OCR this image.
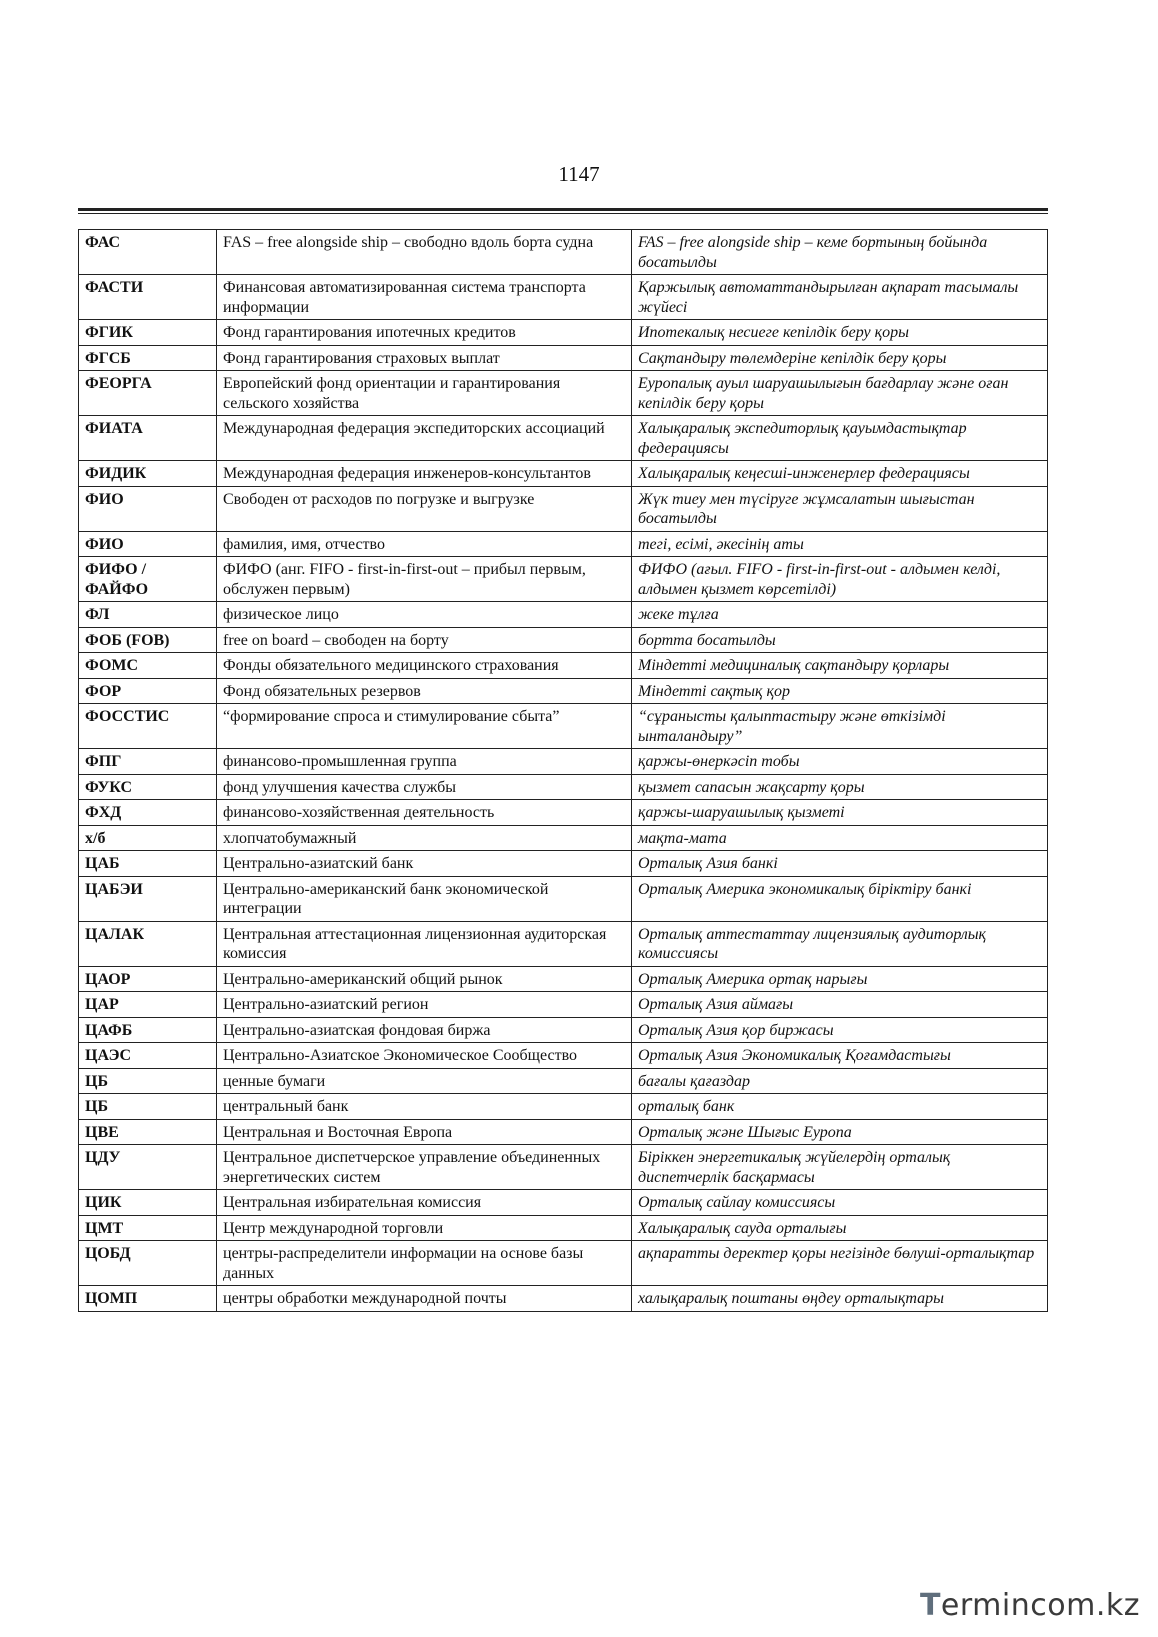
1147
ФАС	FAS – free alongside ship – свободно вдоль борта судна	FAS – free alongside ship – кеме бортының бойында босатылды
ФАСТИ	Финансовая автоматизированная система транспорта информации	Қаржылық автоматтандырылған ақпарат тасымалы жүйесі
ФГИК	Фонд гарантирования ипотечных кредитов	Ипотекалық несиеге кепілдік беру қоры
ФГСБ	Фонд гарантирования страховых выплат	Сақтандыру төлемдеріне кепілдік беру қоры
ФЕОРГА	Европейский фонд ориентации и гарантирования сельского хозяйства	Еуропалық ауыл шаруашылығын бағдарлау және оған кепілдік беру қоры
ФИАТА	Международная федерация экспедиторских ассоциаций	Халықаралық экспедиторлық қауымдастықтар федерациясы
ФИДИК	Международная федерация инженеров-консультантов	Халықаралық кеңесші-инженерлер федерациясы
ФИО	Свободен от расходов по погрузке и выгрузке	Жүк тиеу мен түсіруге жұмсалатын шығыстан босатылды
ФИО	фамилия, имя, отчество	тегі, есімі, әкесінің аты
ФИФО / ФАЙФО	ФИФО (анг. FIFO - first-in-first-out – прибыл первым, обслужен первым)	ФИФО (ағыл. FIFO - first-in-first-out - алдымен келді, алдымен қызмет көрсетілді)
ФЛ	физическое лицо	жеке тұлға
ФОБ (FOB)	free on board – свободен на борту	бортта босатылды
ФОМС	Фонды обязательного медицинского страхования	Міндетті медициналық сақтандыру қорлары
ФОР	Фонд обязательных резервов	Міндетті сақтық қор
ФОССТИС	“формирование спроса и стимулирование сбыта”	“сұранысты қалыптастыру және өткізімді ынталандыру”
ФПГ	финансово-промышленная группа	қаржы-өнеркәсіп тобы
ФУКС	фонд улучшения качества службы	қызмет сапасын жақсарту қоры
ФХД	финансово-хозяйственная деятельность	қаржы-шаруашылық қызметі
х/б	хлопчатобумажный	мақта-мата
ЦАБ	Центрально-азиатский банк	Орталық Азия банкі
ЦАБЭИ	Центрально-американский банк экономической интеграции	Орталық Америка экономикалық біріктіру банкі
ЦАЛАК	Центральная аттестационная лицензионная аудиторская комиссия	Орталық аттестаттау лицензиялық аудиторлық комиссиясы
ЦАОР	Центрально-американский общий рынок	Орталық Америка ортақ нарығы
ЦАР	Центрально-азиатский регион	Орталық Азия аймағы
ЦАФБ	Центрально-азиатская фондовая биржа	Орталық Азия қор биржасы
ЦАЭС	Центрально-Азиатское Экономическое Сообщество	Орталық Азия Экономикалық Қоғамдастығы
ЦБ	ценные бумаги	бағалы қағаздар
ЦБ	центральный банк	орталық банк
ЦВЕ	Центральная и Восточная Европа	Орталық және Шығыс Еуропа
ЦДУ	Центральное диспетчерское управление объединенных энергетических систем	Біріккен энергетикалық жүйелердің орталық диспетчерлік басқармасы
ЦИК	Центральная избирательная комиссия	Орталық сайлау комиссиясы
ЦМТ	Центр международной торговли	Халықаралық сауда орталығы
ЦОБД	центры-распределители информации на основе базы данных	ақпаратты деректер қоры негізінде бөлуші-орталықтар
ЦОМП	центры обработки международной почты	халықаралық поштаны өңдеу орталықтары
Termincom.kz
